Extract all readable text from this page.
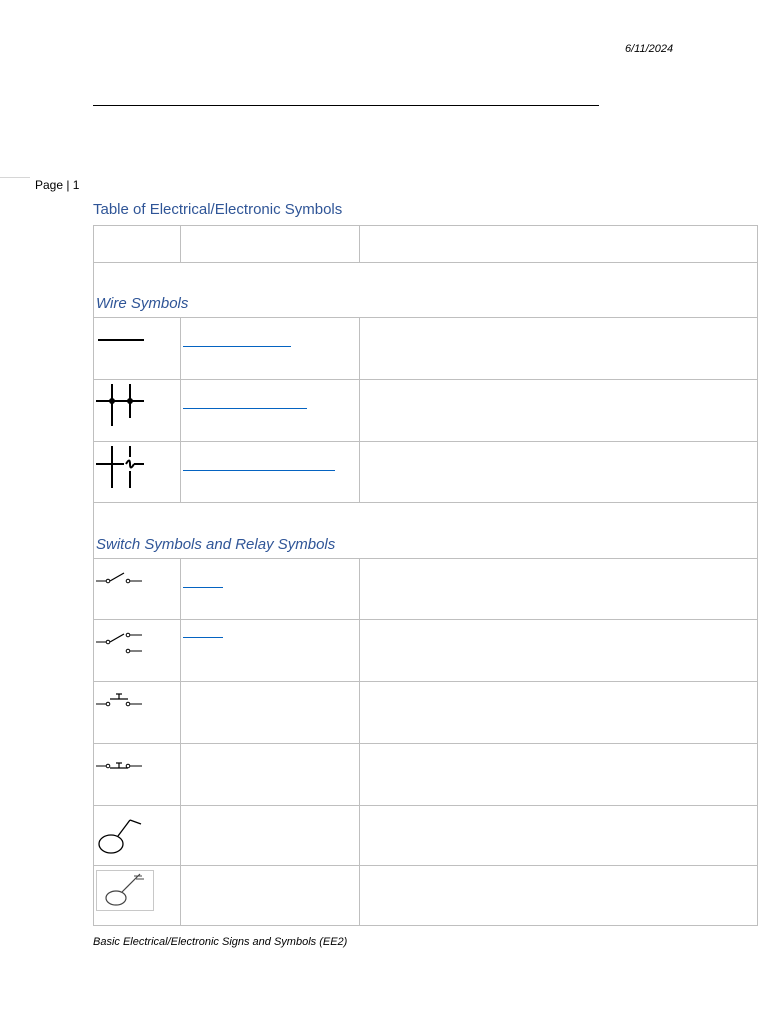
6/11/2024
Page | 1
Table of Electrical/Electronic Symbols

Wire Symbols		

Switch Symbols and Relay Symbols		

Basic Electrical/Electronic Signs and Symbols (EE2)
